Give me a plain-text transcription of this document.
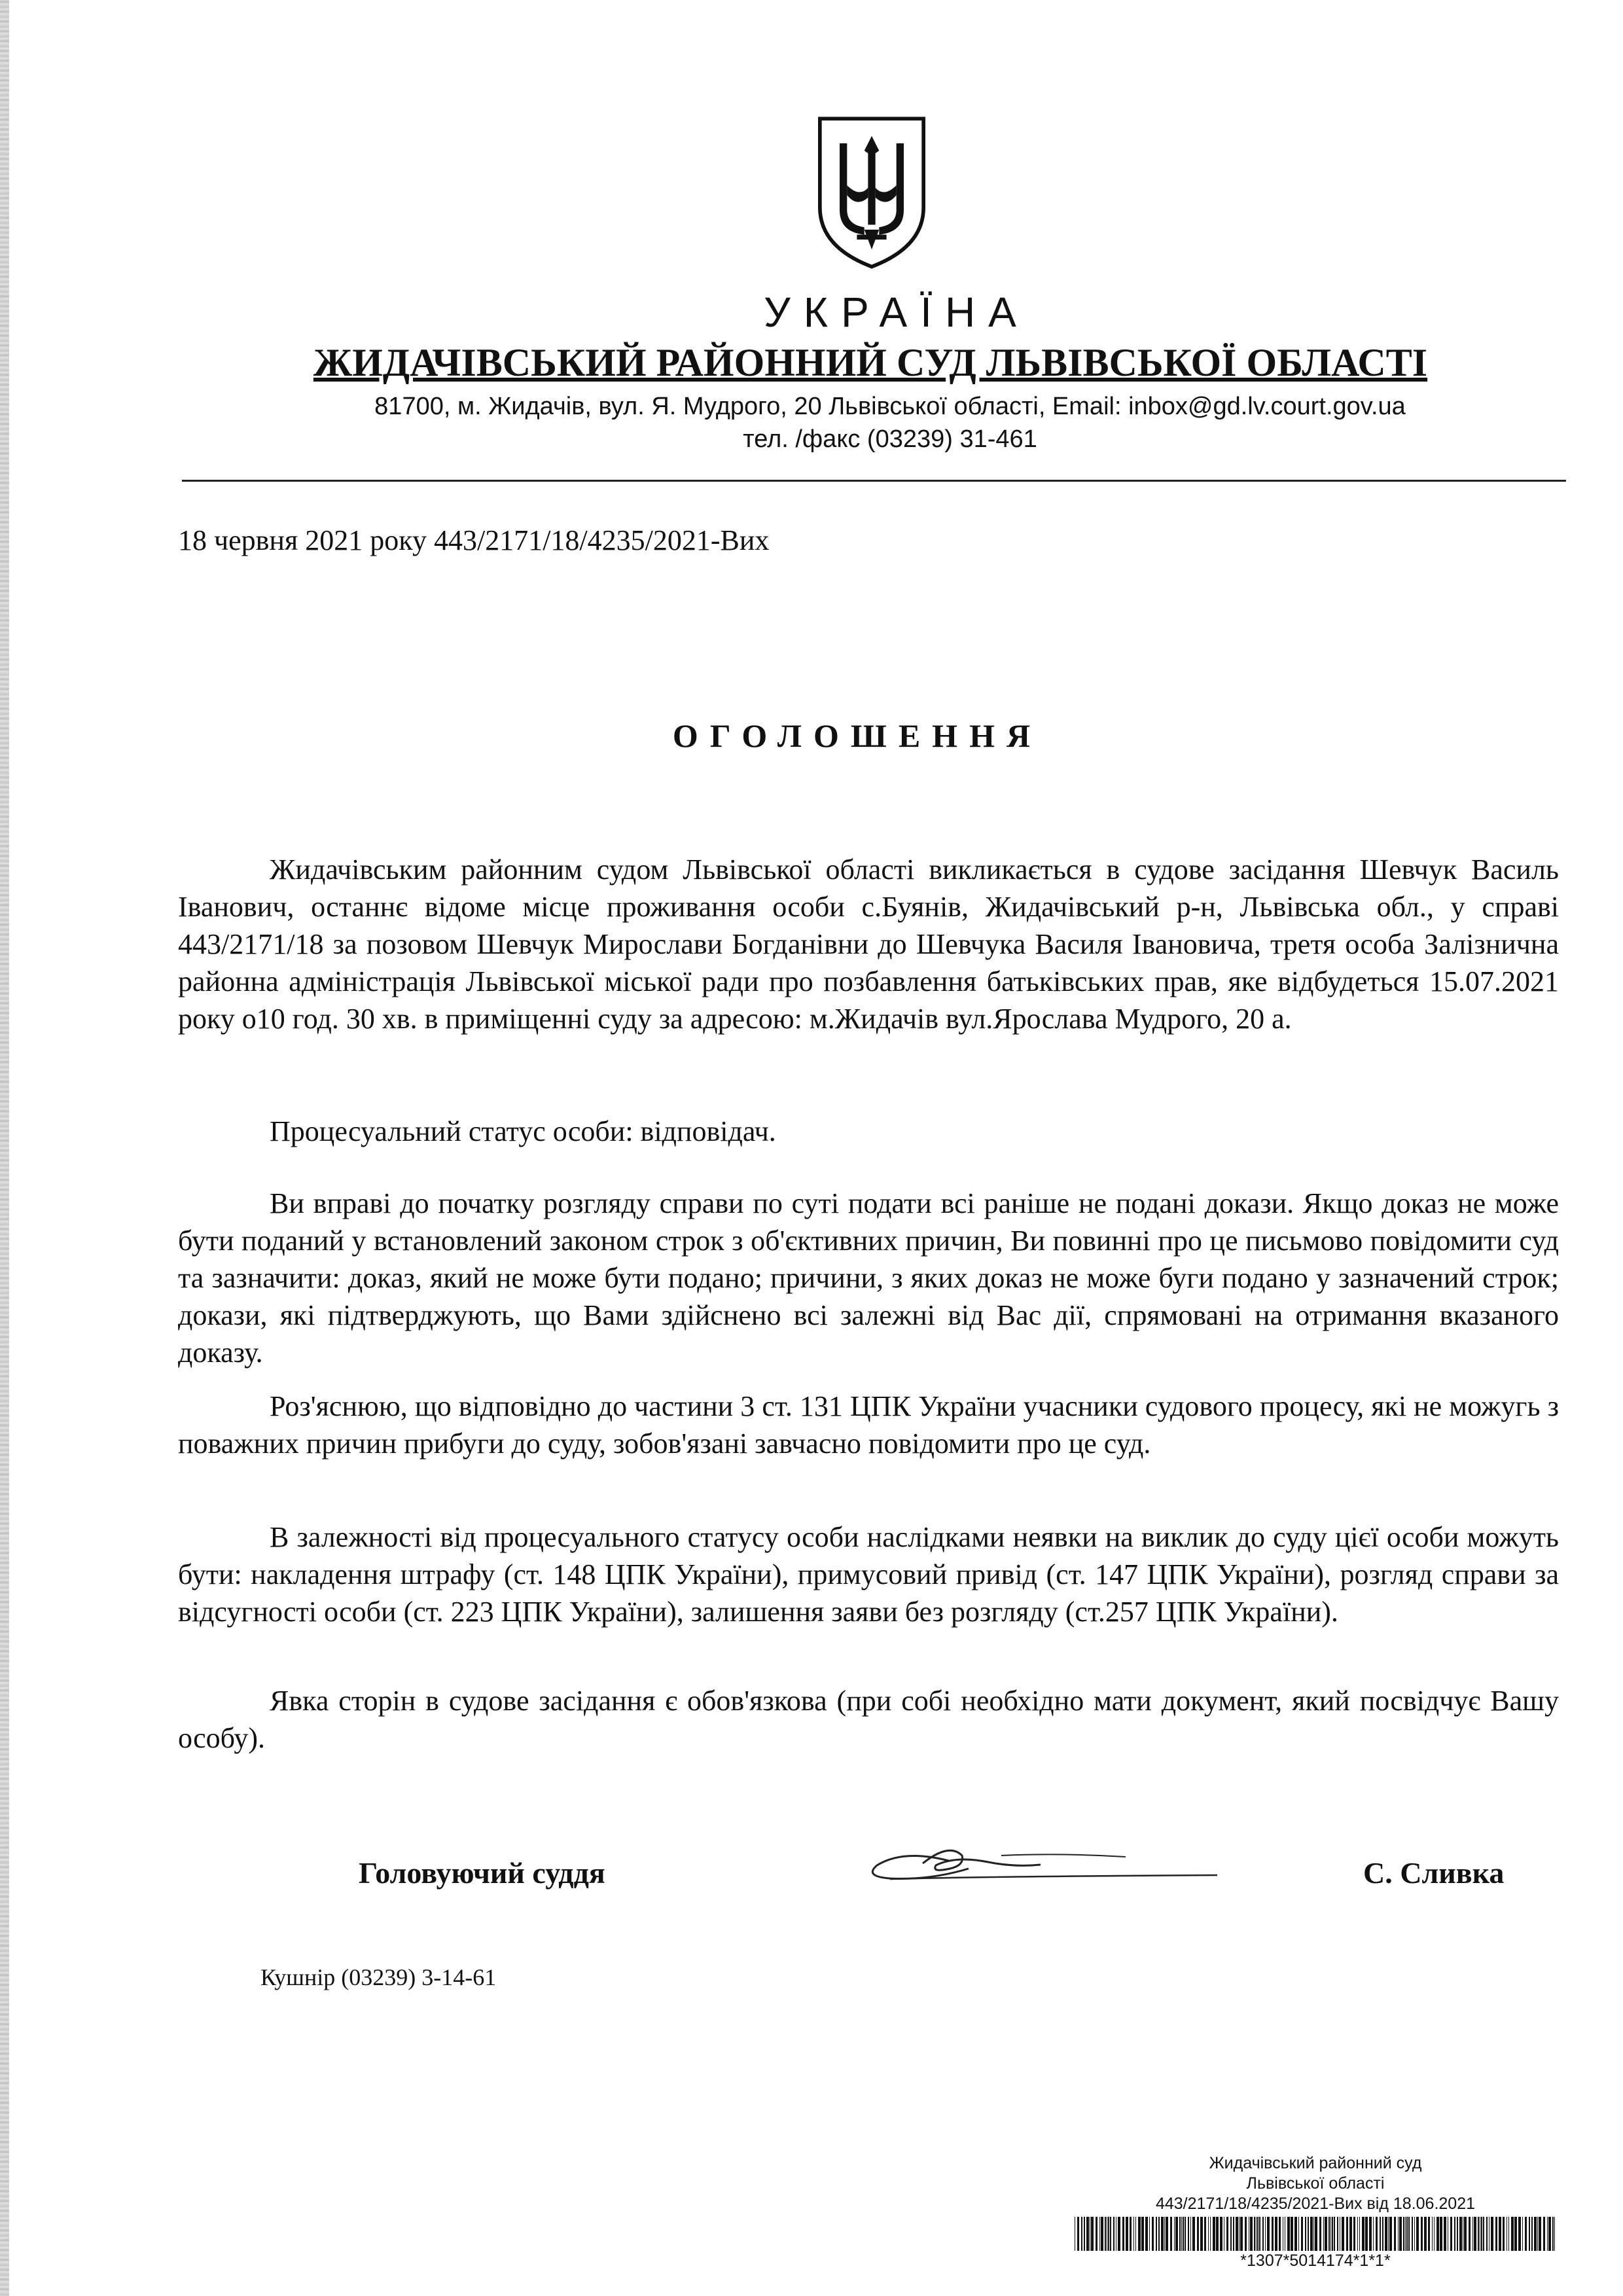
УКРАЇНА
ЖИДАЧІВСЬКИЙ РАЙОННИЙ СУД ЛЬВІВСЬКОЇ ОБЛАСТІ
81700, м. Жидачів, вул. Я. Мудрого, 20 Львівської області, Email: inbox@gd.lv.court.gov.ua
тел. /факс (03239) 31-461
18 червня 2021 року 443/2171/18/4235/2021-Вих
ОГОЛОШЕННЯ

Жидачівським районним судом Львівської області викликається в судове засідання Шевчук Василь Іванович, останнє відоме місце проживання особи с.Буянів, Жидачівський р-н, Львівська обл., у справі 443/2171/18 за позовом Шевчук Мирослави Богданівни до Шевчука Василя Івановича, третя особа Залізнична районна адміністрація Львівської міської ради про позбавлення батьківських прав, яке відбудеться 15.07.2021 року о10 год. 30 хв. в приміщенні суду за адресою: м.Жидачів вул.Ярослава Мудрого, 20 а.

Процесуальний статус особи: відповідач.

Ви вправі до початку розгляду справи по суті подати всі раніше не подані докази. Якщо доказ не може бути поданий у встановлений законом строк з об'єктивних причин, Ви повинні про це письмово повідомити суд та зазначити: доказ, який не може бути подано; причини, з яких доказ не може буги подано у зазначений строк; докази, які підтверджують, що Вами здійснено всі залежні від Вас дії, спрямовані на отримання вказаного доказу.

Роз'яснюю, що відповідно до частини 3 ст. 131 ЦПК України учасники судового процесу, які не можугь з поважних причин прибуги до суду, зобов'язані завчасно повідомити про це суд.

В залежності від процесуального статусу особи наслідками неявки на виклик до суду цієї особи можуть бути: накладення штрафу (ст. 148 ЦПК України), примусовий привід (ст. 147 ЦПК України), розгляд справи за відсугності особи (ст. 223 ЦПК України), залишення заяви без розгляду (ст.257 ЦПК України).

Явка сторін в судове засідання є обов'язкова (при собі необхідно мати документ, який посвідчує Вашу особу).

Головуючий суддя	С. Сливка
Кушнір (03239) 3-14-61
Жидачівський районний суд
Львівської області
443/2171/18/4235/2021-Вих від 18.06.2021
*1307*5014174*1*1*
